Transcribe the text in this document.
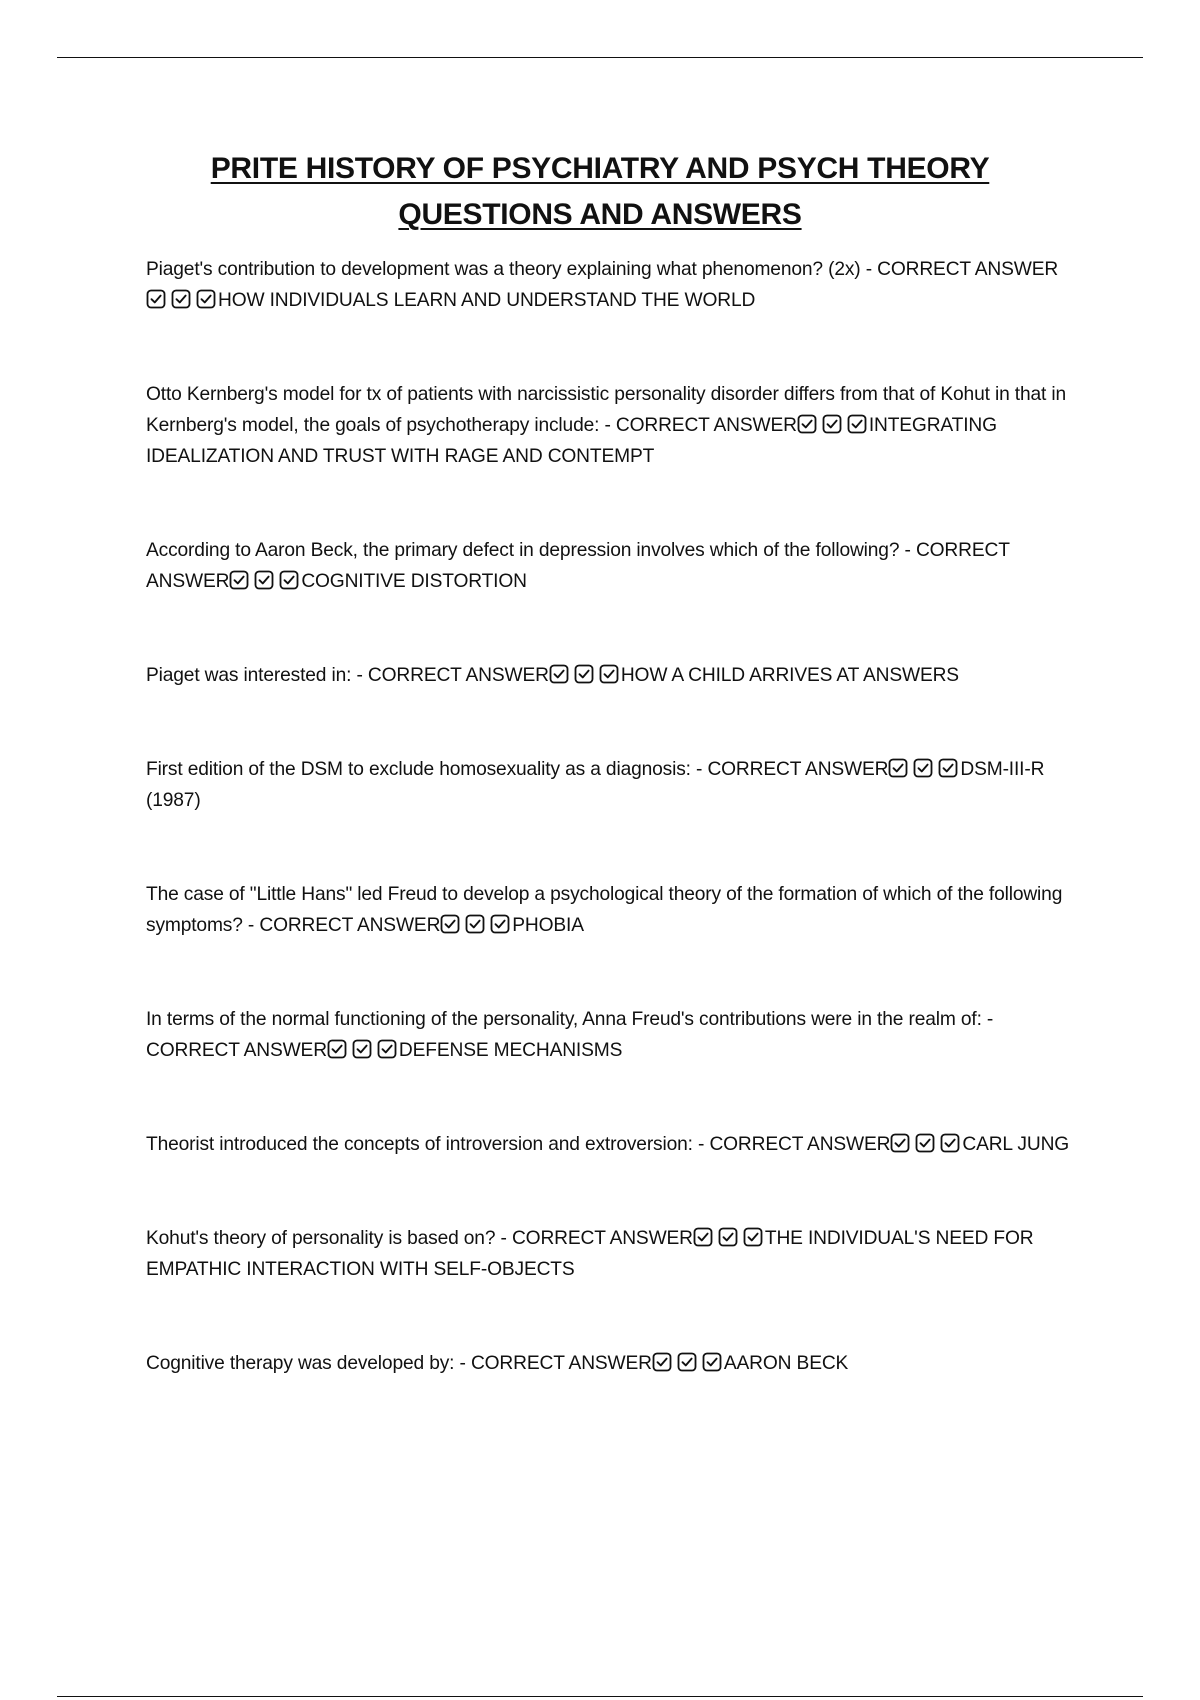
PRITE HISTORY OF PSYCHIATRY AND PSYCH THEORY
QUESTIONS AND ANSWERS
Piaget's contribution to development was a theory explaining what phenomenon? (2x) - CORRECT ANSWERHOW INDIVIDUALS LEARN AND UNDERSTAND THE WORLD
Otto Kernberg's model for tx of patients with narcissistic personality disorder differs from that of Kohut in that in Kernberg's model, the goals of psychotherapy include: - CORRECT ANSWER	INTEGRATING IDEALIZATION AND TRUST WITH RAGE AND CONTEMPT
According to Aaron Beck, the primary defect in depression involves which of the following? - CORRECT ANSWER	COGNITIVE DISTORTION
Piaget was interested in: - CORRECT ANSWER	HOW A CHILD ARRIVES AT ANSWERS
First edition of the DSM to exclude homosexuality as a diagnosis: - CORRECT ANSWER	DSM-III-R (1987)
The case of "Little Hans" led Freud to develop a psychological theory of the formation of which of the following symptoms? - CORRECT ANSWER	PHOBIA
In terms of the normal functioning of the personality, Anna Freud's contributions were in the realm of: - CORRECT ANSWER	DEFENSE MECHANISMS
Theorist introduced the concepts of introversion and extroversion: - CORRECT ANSWER	CARL JUNG
Kohut's theory of personality is based on? - CORRECT ANSWER	THE INDIVIDUAL'S NEED FOR EMPATHIC INTERACTION WITH SELF-OBJECTS
Cognitive therapy was developed by: - CORRECT ANSWER	AARON BECK
